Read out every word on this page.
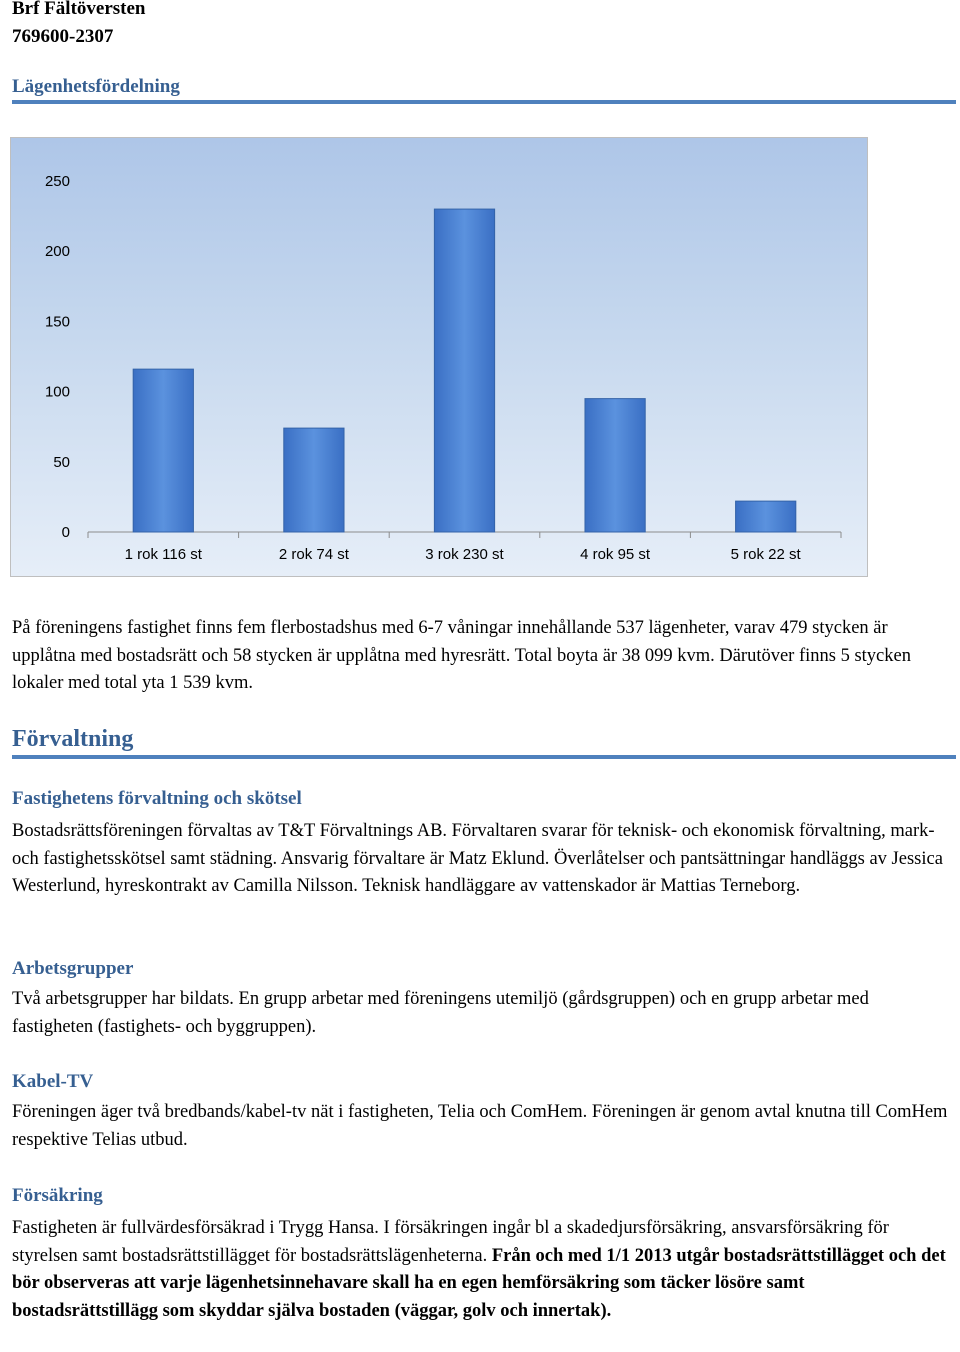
Brf Fältöversten
769600-2307
Lägenhetsfördelning
0
50
100
150
200
250
1 rok 116 st	2 rok 74 st	3 rok 230 st	4 rok 95 st	5 rok 22 st
På föreningens fastighet finns fem flerbostadshus med 6-7 våningar innehållande 537 lägenheter, varav 479 stycken är upplåtna med bostadsrätt och 58 stycken är upplåtna med hyresrätt. Total boyta är 38 099 kvm. Därutöver finns 5 stycken lokaler med total yta 1 539 kvm.
Förvaltning
Fastighetens förvaltning och skötsel
Bostadsrättsföreningen förvaltas av T&T Förvaltnings AB. Förvaltaren svarar för teknisk- och ekonomisk förvaltning, mark- och fastighetsskötsel samt städning. Ansvarig förvaltare är Matz Eklund. Överlåtelser och pantsättningar handläggs av Jessica Westerlund, hyreskontrakt av Camilla Nilsson. Teknisk handläggare av vattenskador är Mattias Terneborg.
Arbetsgrupper
Två arbetsgrupper har bildats. En grupp arbetar med föreningens utemiljö (gårdsgruppen) och en grupp arbetar med fastigheten (fastighets- och byggruppen).
Kabel-TV
Föreningen äger två bredbands/kabel-tv nät i fastigheten, Telia och ComHem. Föreningen är genom avtal knutna till ComHem respektive Telias utbud.
Försäkring
Fastigheten är fullvärdesförsäkrad i Trygg Hansa. I försäkringen ingår bl a skadedjursförsäkring, ansvarsförsäkring för styrelsen samt bostadsrättstillägget för bostadsrättslägenheterna. Från och med 1/1 2013 utgår bostadsrättstillägget och det bör observeras att varje lägenhetsinnehavare skall ha en egen hemförsäkring som täcker lösöre samt bostadsrättstillägg som skyddar själva bostaden (väggar, golv och innertak).
